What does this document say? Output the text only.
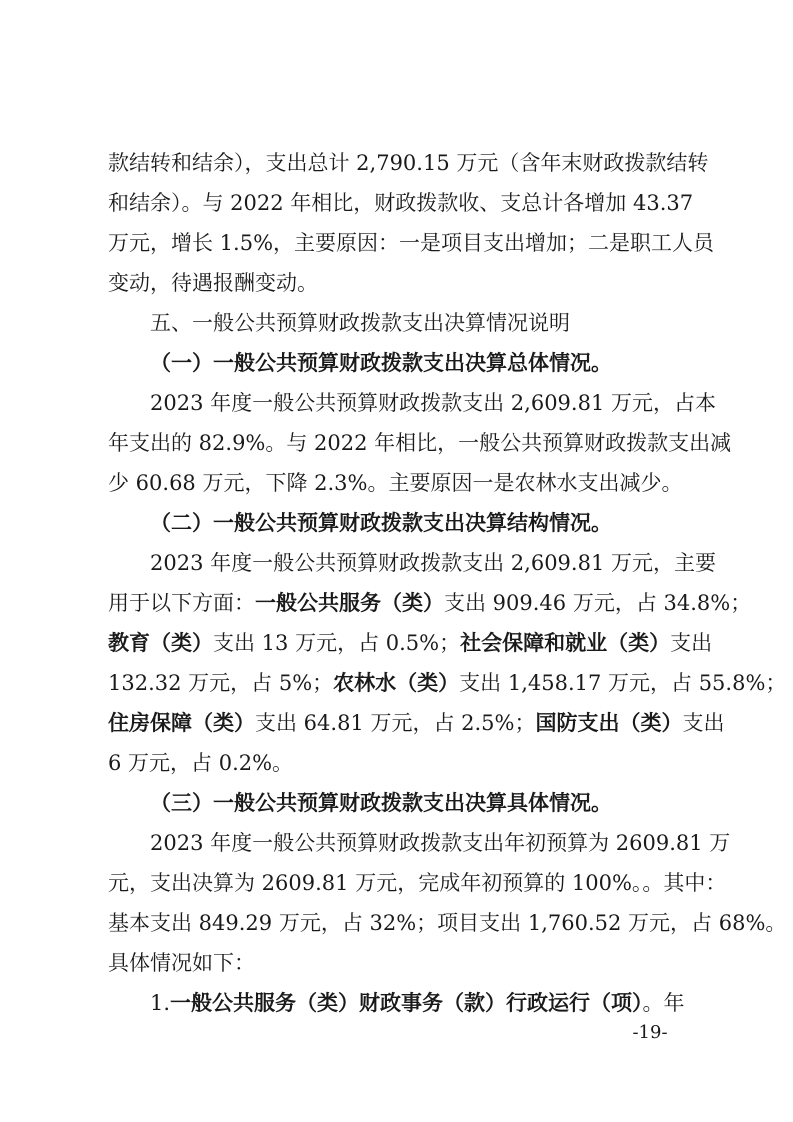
款结转和结余），支出总计 2,790.15 万元（含年末财政拨款结转
和结余）。与 2022 年相比，财政拨款收、支总计各增加 43.37
万元，增长 1.5%，主要原因：一是项目支出增加；二是职工人员
变动，待遇报酬变动。
五、一般公共预算财政拨款支出决算情况说明
（一）一般公共预算财政拨款支出决算总体情况。
2023 年度一般公共预算财政拨款支出 2,609.81 万元，占本
年支出的 82.9%。与 2022 年相比，一般公共预算财政拨款支出减
少 60.68 万元，下降 2.3%。主要原因一是农林水支出减少。
（二）一般公共预算财政拨款支出决算结构情况。
2023 年度一般公共预算财政拨款支出 2,609.81 万元，主要
用于以下方面：一般公共服务（类）支出 909.46 万元，占 34.8%；
教育（类）支出 13 万元，占 0.5%；社会保障和就业（类）支出
132.32 万元，占 5%；农林水（类）支出 1,458.17 万元，占 55.8%；
住房保障（类）支出 64.81 万元，占 2.5%；国防支出（类）支出
6 万元，占 0.2%。
（三）一般公共预算财政拨款支出决算具体情况。
2023 年度一般公共预算财政拨款支出年初预算为 2609.81 万
元，支出决算为 2609.81 万元，完成年初预算的 100%。。其中：
基本支出 849.29 万元，占 32%；项目支出 1,760.52 万元，占 68%。
具体情况如下：
1.一般公共服务（类）财政事务（款）行政运行（项）。年
-19-
